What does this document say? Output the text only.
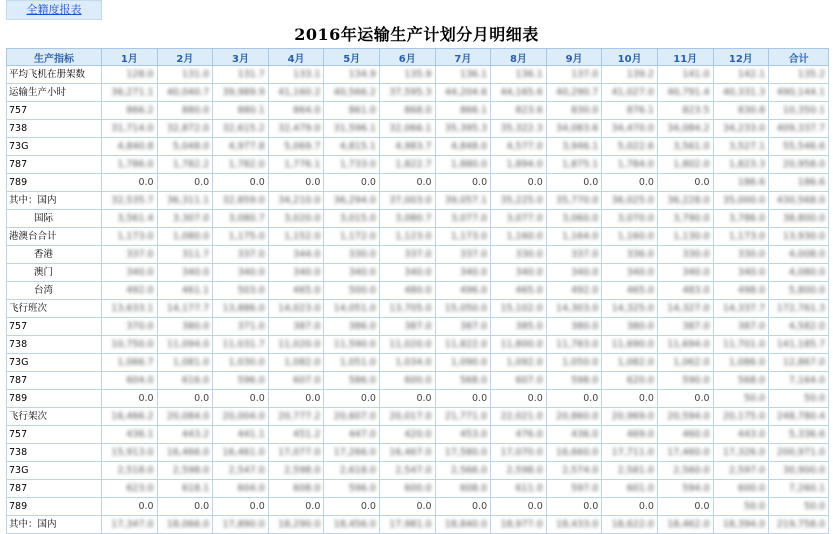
全籍度报表
2016年运输生产计划分月明细表
生产指标	1月	2月	3月	4月	5月	6月	7月	8月	9月	10月	11月	12月	合计
平均飞机在册架数	128.0	131.0	131.7	133.1	134.9	135.9	136.1	136.1	137.0	139.2	141.0	142.1	135.2
运输生产小时	36,271.1	40,040.7	39,989.9	41,160.2	40,566.2	37,595.3	44,204.6	44,165.6	40,290.7	41,027.0	40,791.4	40,331.3	490,144.1
757	866.2	880.0	880.1	864.0	861.0	868.0	866.1	823.6	830.0	876.1	823.5	830.8	10,350.1
738	31,714.0	32,872.0	32,615.2	32,479.0	31,596.1	32,066.1	35,395.3	35,322.3	34,083.6	34,470.0	34,084.2	34,233.0	409,337.7
73G	4,840.8	5,048.0	4,977.8	5,069.7	4,815.1	4,983.7	4,848.0	4,577.0	3,946.1	5,022.6	3,561.0	3,527.1	55,546.6
787	1,786.0	1,782.2	1,782.0	1,776.1	1,733.0	1,822.7	1,880.0	1,894.0	1,875.1	1,784.0	1,802.0	1,823.3	20,958.0
789	0.0	0.0	0.0	0.0	0.0	0.0	0.0	0.0	0.0	0.0	0.0	186.6	186.6
其中：国内	32,535.7	36,311.1	32,859.0	34,210.0	36,294.0	37,003.0	39,057.1	35,225.0	35,770.0	36,025.0	36,228.0	35,000.0	430,568.0
国际	3,561.4	3,307.0	3,080.7	3,020.0	3,015.0	3,080.7	3,077.0	3,077.0	3,060.0	3,070.0	3,790.0	3,786.0	38,800.0
港澳台合计	1,173.0	1,080.0	1,175.0	1,152.0	1,172.0	1,123.0	1,173.0	1,160.0	1,164.0	1,160.0	1,130.0	1,173.0	13,930.0
香港	337.0	311.7	337.0	344.0	330.0	337.0	337.0	330.0	337.0	336.0	330.0	330.0	4,008.0
澳门	340.0	340.0	340.0	340.0	340.0	340.0	340.0	340.0	340.0	340.0	340.0	340.0	4,080.0
台湾	492.0	461.1	503.0	465.0	500.0	480.0	496.0	465.0	492.0	465.0	483.0	498.0	5,800.0
飞行班次	13,633.1	14,177.7	13,886.0	14,023.0	14,051.0	13,705.0	15,050.0	15,102.0	14,303.0	14,325.0	14,327.0	14,337.7	172,761.3
757	370.0	380.0	371.0	387.0	386.0	387.0	387.0	385.0	380.0	380.0	387.0	387.0	4,582.0
738	10,750.0	11,094.0	11,031.7	11,020.0	11,590.0	11,020.0	11,822.0	11,800.0	11,783.0	11,690.0	11,694.0	11,701.0	141,185.7
73G	1,066.7	1,081.0	1,030.0	1,082.0	1,051.0	1,034.0	1,090.0	1,092.0	1,050.0	1,082.0	1,062.0	1,086.0	12,867.0
787	604.0	616.0	596.0	607.0	586.0	600.0	568.0	607.0	598.0	620.0	590.0	568.0	7,164.0
789	0.0	0.0	0.0	0.0	0.0	0.0	0.0	0.0	0.0	0.0	0.0	50.0	50.0
飞行架次	16,466.2	20,084.0	20,004.0	20,777.2	20,607.0	20,017.0	21,771.0	22,021.0	20,860.0	20,969.0	20,594.0	20,175.0	248,780.4
757	436.1	443.2	441.1	451.2	447.0	420.0	453.0	476.0	436.0	469.0	460.0	443.0	5,336.6
738	15,913.0	16,466.0	16,461.0	17,077.0	17,266.0	16,467.0	17,580.0	17,070.0	16,660.0	17,711.0	17,460.0	17,326.0	200,971.0
73G	2,518.0	2,598.0	2,547.0	2,598.0	2,618.0	2,547.0	2,566.0	2,598.0	2,574.0	2,581.0	2,560.0	2,597.0	30,900.0
787	623.0	618.1	604.0	608.0	596.0	600.0	608.0	611.0	597.0	601.0	594.0	600.0	7,260.1
789	0.0	0.0	0.0	0.0	0.0	0.0	0.0	0.0	0.0	0.0	0.0	50.0	50.0
其中：国内	17,347.0	18,066.0	17,890.0	18,290.0	18,456.0	17,981.0	18,840.0	18,977.0	18,433.0	18,622.0	18,462.0	18,394.0	219,758.0
